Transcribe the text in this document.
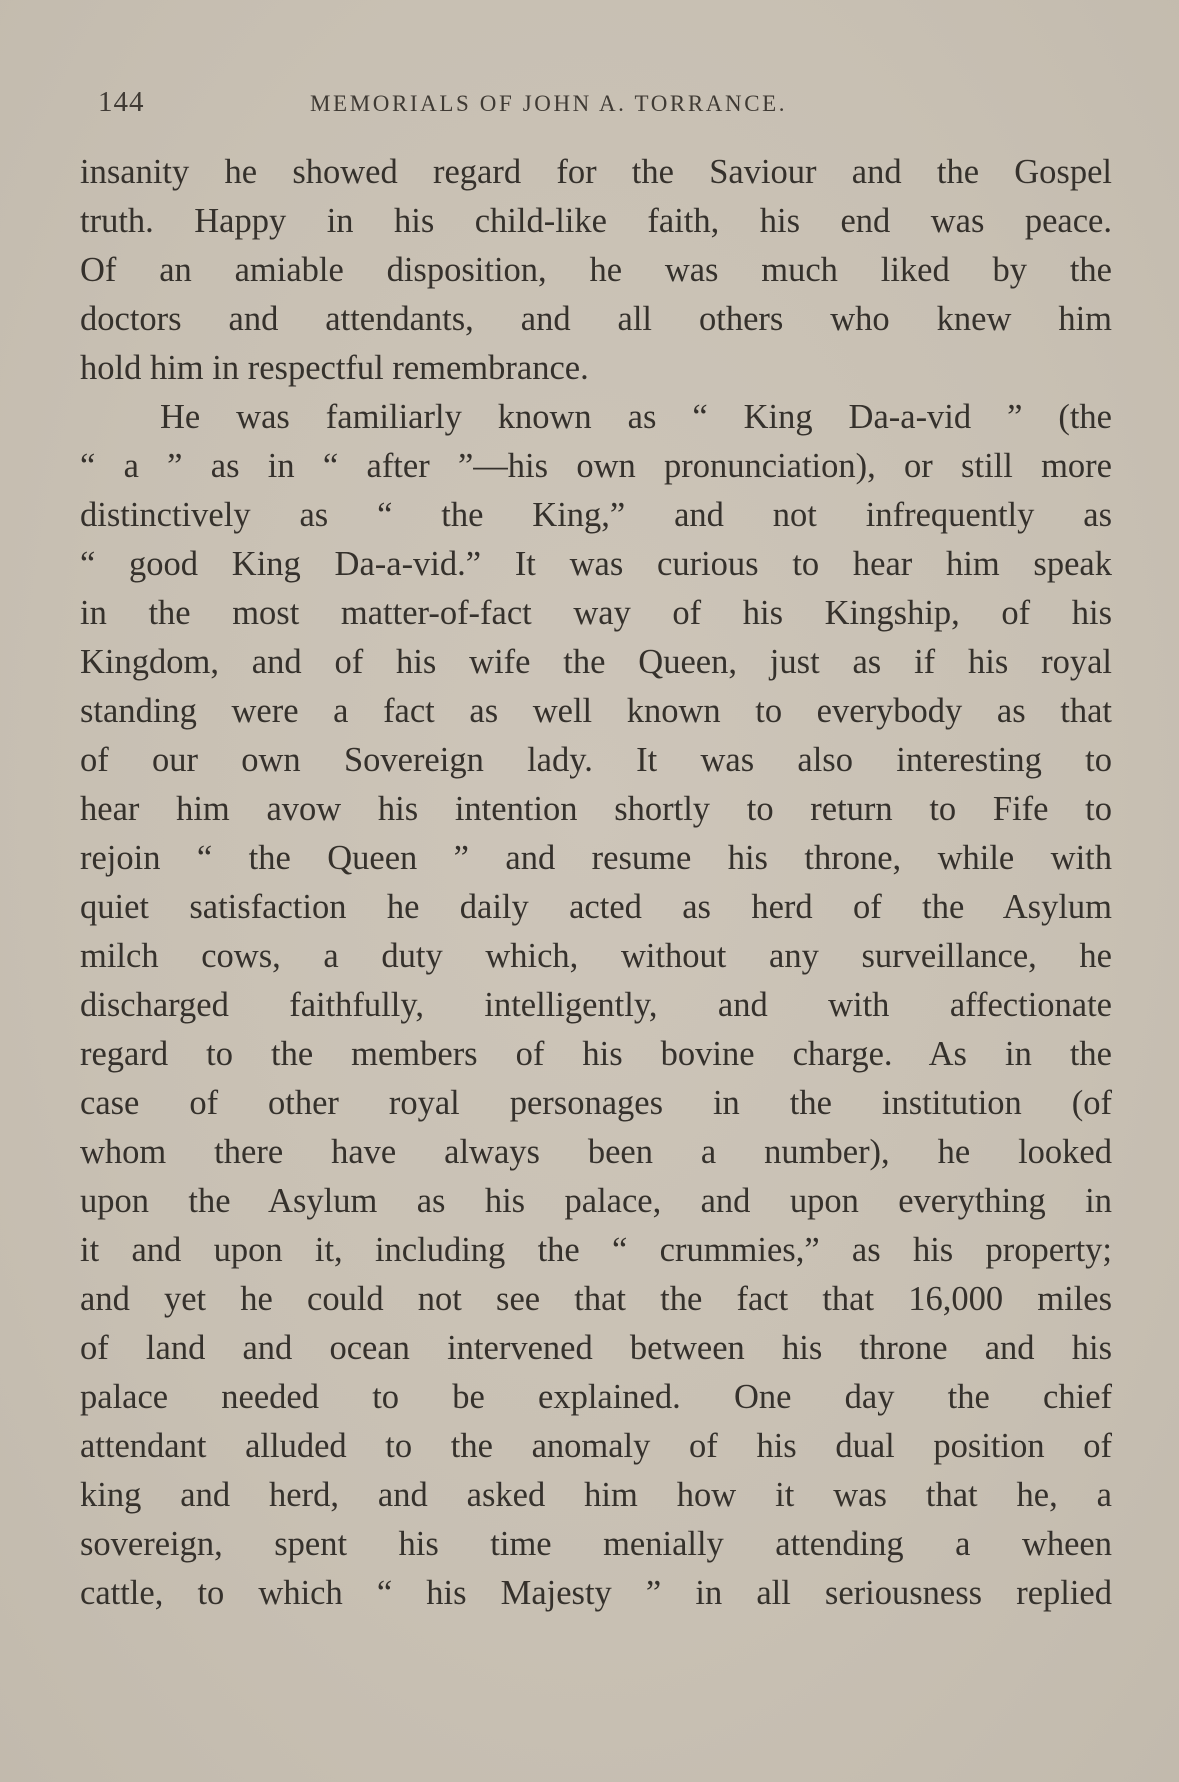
144	MEMORIALS OF JOHN A. TORRANCE.
insanity he showed regard for the Saviour and the Gospel
truth. Happy in his child-like faith, his end was peace.
Of an amiable disposition, he was much liked by the
doctors and attendants, and all others who knew him
hold him in respectful remembrance.
He was familiarly known as “ King Da-a-vid ” (the
“ a ” as in “ after ”—his own pronunciation), or still more
distinctively as “ the King,” and not infrequently as
“ good King Da-a-vid.” It was curious to hear him speak
in the most matter-of-fact way of his Kingship, of his
Kingdom, and of his wife the Queen, just as if his royal
standing were a fact as well known to everybody as that
of our own Sovereign lady. It was also interesting to
hear him avow his intention shortly to return to Fife to
rejoin “ the Queen ” and resume his throne, while with
quiet satisfaction he daily acted as herd of the Asylum
milch cows, a duty which, without any surveillance, he
discharged faithfully, intelligently, and with affectionate
regard to the members of his bovine charge. As in the
case of other royal personages in the institution (of
whom there have always been a number), he looked
upon the Asylum as his palace, and upon everything in
it and upon it, including the “ crummies,” as his property;
and yet he could not see that the fact that 16,000 miles
of land and ocean intervened between his throne and his
palace needed to be explained. One day the chief
attendant alluded to the anomaly of his dual position of
king and herd, and asked him how it was that he, a
sovereign, spent his time menially attending a wheen
cattle, to which “ his Majesty ” in all seriousness replied
